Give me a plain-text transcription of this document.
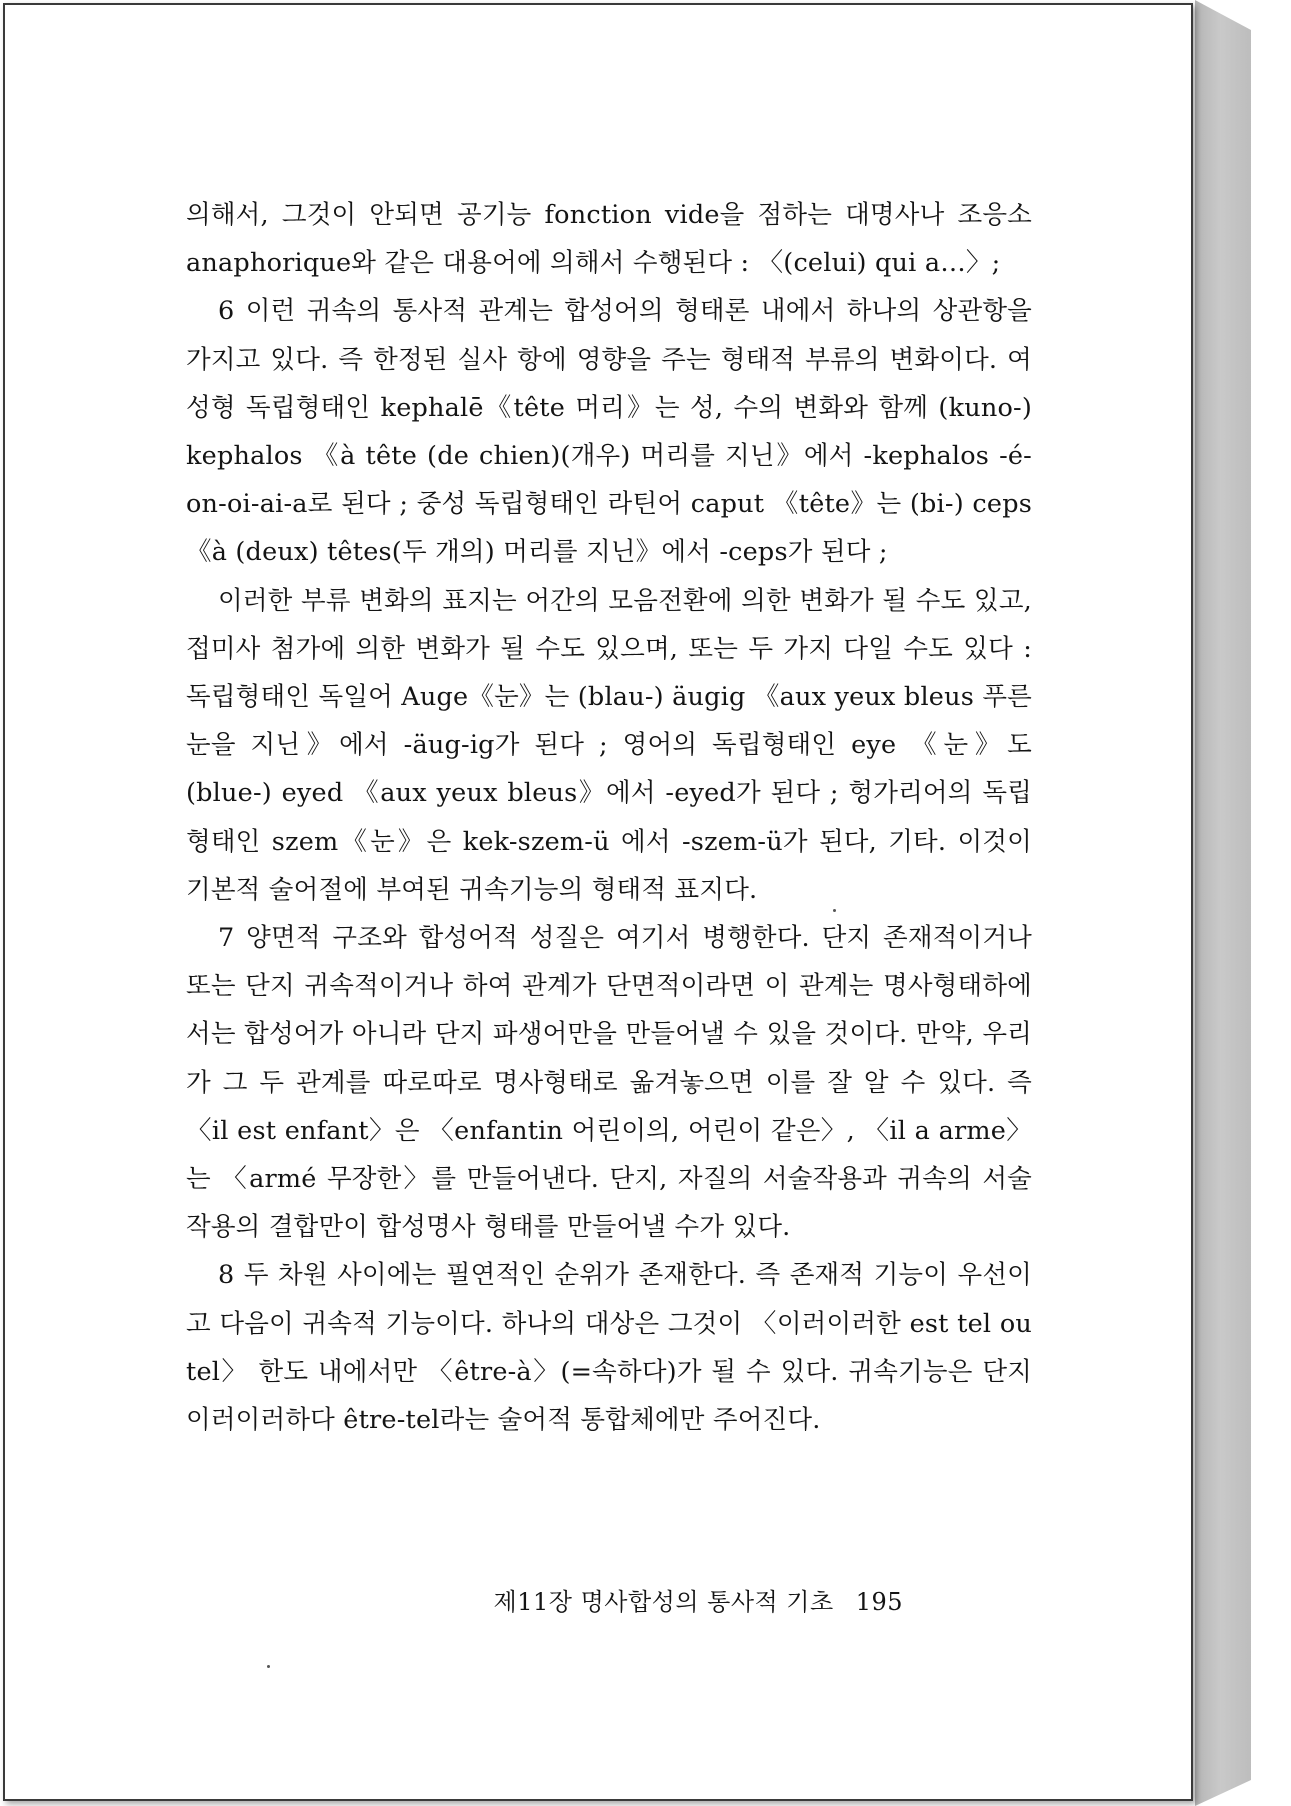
의해서, 그것이 안되면 공기능 fonction vide을 점하는 대명사나 조응소 anaphorique와 같은 대용어에 의해서 수행된다 : 〈(celui) qui a…〉;

6 이런 귀속의 통사적 관계는 합성어의 형태론 내에서 하나의 상관항을 가지고 있다. 즉 한정된 실사 항에 영향을 주는 형태적 부류의 변화이다. 여성형 독립형태인 kephalē《tête 머리》는 성, 수의 변화와 함께 (kuno-) kephalos 《à tête (de chien)(개우) 머리를 지닌》에서 -kephalos -é-on-oi-ai-a로 된다 ; 중성 독립형태인 라틴어 caput 《tête》는 (bi-) ceps 《à (deux) têtes(두 개의) 머리를 지닌》에서 -ceps가 된다 ;

이러한 부류 변화의 표지는 어간의 모음전환에 의한 변화가 될 수도 있고, 접미사 첨가에 의한 변화가 될 수도 있으며, 또는 두 가지 다일 수도 있다 : 독립형태인 독일어 Auge《눈》는 (blau-) äugig 《aux yeux bleus 푸른 눈을 지닌》에서 -äug-ig가 된다 ; 영어의 독립형태인 eye 《눈》도 (blue-) eyed 《aux yeux bleus》에서 -eyed가 된다 ; 헝가리어의 독립형태인 szem《눈》은 kek-szem-ü 에서 -szem-ü가 된다, 기타. 이것이 기본적 술어절에 부여된 귀속기능의 형태적 표지다.

7 양면적 구조와 합성어적 성질은 여기서 병행한다. 단지 존재적이거나 또는 단지 귀속적이거나 하여 관계가 단면적이라면 이 관계는 명사형태하에서는 합성어가 아니라 단지 파생어만을 만들어낼 수 있을 것이다. 만약, 우리가 그 두 관계를 따로따로 명사형태로 옮겨놓으면 이를 잘 알 수 있다. 즉 〈il est enfant〉은 〈enfantin 어린이의, 어린이 같은〉, 〈il a arme〉는 〈armé 무장한〉를 만들어낸다. 단지, 자질의 서술작용과 귀속의 서술작용의 결합만이 합성명사 형태를 만들어낼 수가 있다.

8 두 차원 사이에는 필연적인 순위가 존재한다. 즉 존재적 기능이 우선이고 다음이 귀속적 기능이다. 하나의 대상은 그것이 〈이러이러한 est tel ou tel〉 한도 내에서만 〈être-à〉(=속하다)가 될 수 있다. 귀속기능은 단지 이러이러하다 être-tel라는 술어적 통합체에만 주어진다.

제11장 명사합성의 통사적 기초 195
